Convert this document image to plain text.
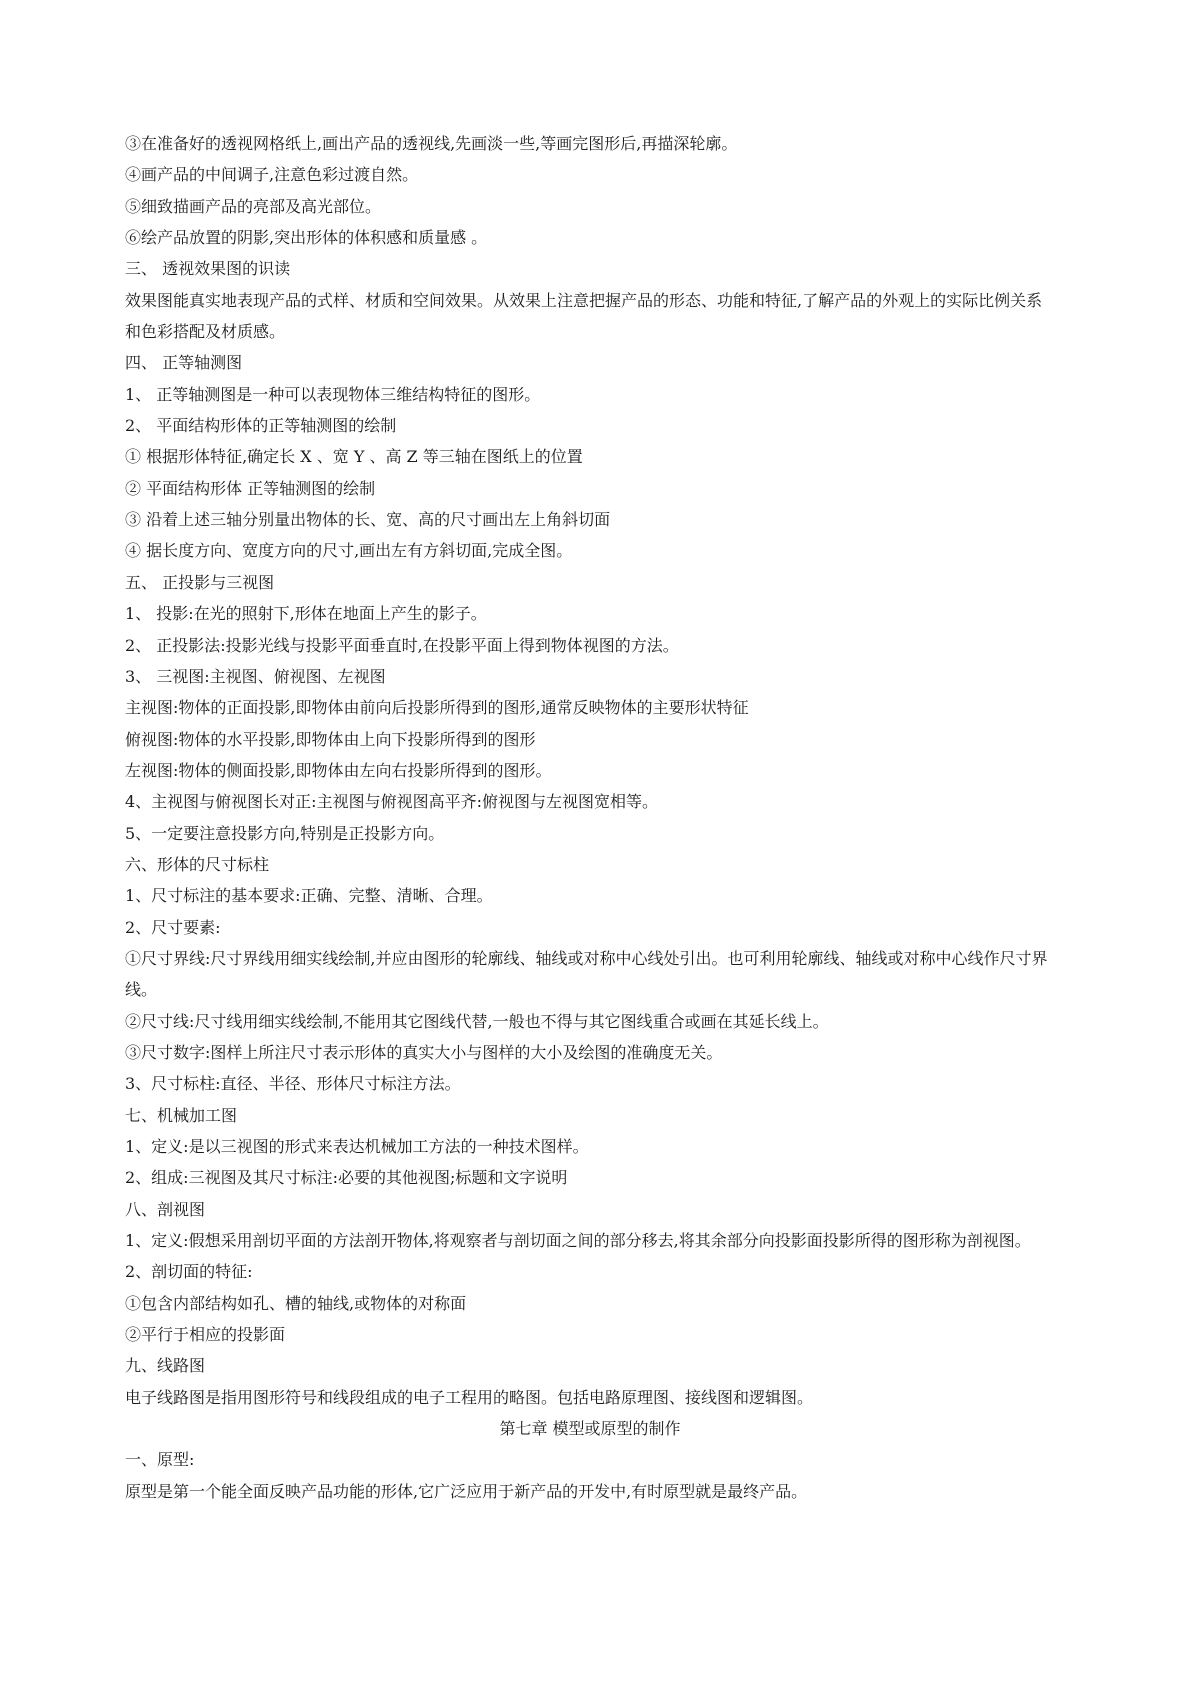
③在准备好的透视网格纸上,画出产品的透视线,先画淡一些,等画完图形后,再描深轮廓。
④画产品的中间调子,注意色彩过渡自然。
⑤细致描画产品的亮部及高光部位。
⑥绘产品放置的阴影,突出形体的体积感和质量感 。
三、 透视效果图的识读
效果图能真实地表现产品的式样、材质和空间效果。从效果上注意把握产品的形态、功能和特征,了解产品的外观上的实际比例关系和色彩搭配及材质感。
四、 正等轴测图
1、 正等轴测图是一种可以表现物体三维结构特征的图形。
2、 平面结构形体的正等轴测图的绘制
① 根据形体特征,确定长 X 、宽 Y 、高 Z 等三轴在图纸上的位置
② 平面结构形体 正等轴测图的绘制
③ 沿着上述三轴分别量出物体的长、宽、高的尺寸画出左上角斜切面
④ 据长度方向、宽度方向的尺寸,画出左有方斜切面,完成全图。
五、 正投影与三视图
1、 投影:在光的照射下,形体在地面上产生的影子。
2、 正投影法:投影光线与投影平面垂直时,在投影平面上得到物体视图的方法。
3、 三视图:主视图、俯视图、左视图
主视图:物体的正面投影,即物体由前向后投影所得到的图形,通常反映物体的主要形状特征
俯视图:物体的水平投影,即物体由上向下投影所得到的图形
左视图:物体的侧面投影,即物体由左向右投影所得到的图形。
4、主视图与俯视图长对正:主视图与俯视图高平齐:俯视图与左视图宽相等。
5、一定要注意投影方向,特别是正投影方向。
六、形体的尺寸标柱
1、尺寸标注的基本要求:正确、完整、清晰、合理。
2、尺寸要素:
①尺寸界线:尺寸界线用细实线绘制,并应由图形的轮廓线、轴线或对称中心线处引出。也可利用轮廓线、轴线或对称中心线作尺寸界线。
②尺寸线:尺寸线用细实线绘制,不能用其它图线代替,一般也不得与其它图线重合或画在其延长线上。
③尺寸数字:图样上所注尺寸表示形体的真实大小与图样的大小及绘图的准确度无关。
3、尺寸标柱:直径、半径、形体尺寸标注方法。
七、机械加工图
1、定义:是以三视图的形式来表达机械加工方法的一种技术图样。
2、组成:三视图及其尺寸标注:必要的其他视图;标题和文字说明
八、剖视图
1、定义:假想采用剖切平面的方法剖开物体,将观察者与剖切面之间的部分移去,将其余部分向投影面投影所得的图形称为剖视图。
2、剖切面的特征:
①包含内部结构如孔、槽的轴线,或物体的对称面
②平行于相应的投影面
九、线路图
电子线路图是指用图形符号和线段组成的电子工程用的略图。包括电路原理图、接线图和逻辑图。
第七章 模型或原型的制作
一、原型:
原型是第一个能全面反映产品功能的形体,它广泛应用于新产品的开发中,有时原型就是最终产品。
